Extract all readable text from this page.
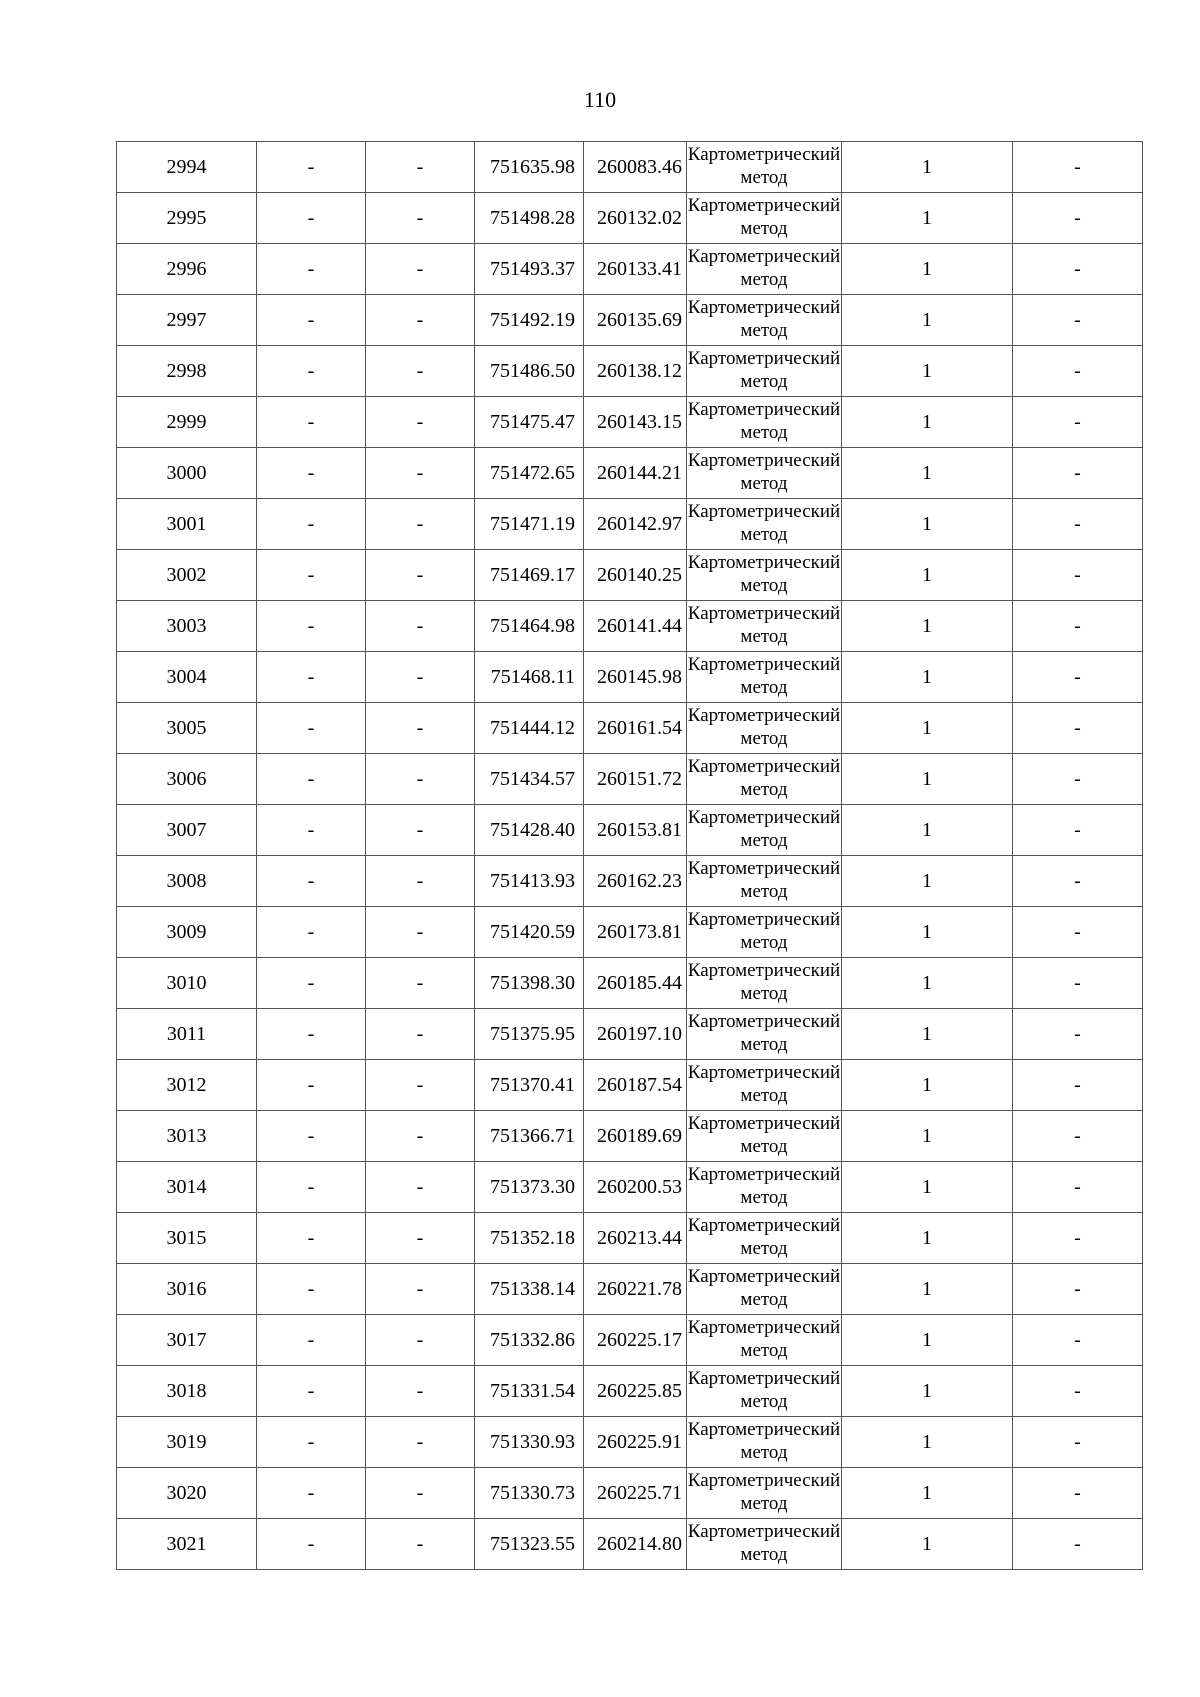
110
2994	-	-	751635.98	260083.46	Картометрический метод	1	-
2995	-	-	751498.28	260132.02	Картометрический метод	1	-
2996	-	-	751493.37	260133.41	Картометрический метод	1	-
2997	-	-	751492.19	260135.69	Картометрический метод	1	-
2998	-	-	751486.50	260138.12	Картометрический метод	1	-
2999	-	-	751475.47	260143.15	Картометрический метод	1	-
3000	-	-	751472.65	260144.21	Картометрический метод	1	-
3001	-	-	751471.19	260142.97	Картометрический метод	1	-
3002	-	-	751469.17	260140.25	Картометрический метод	1	-
3003	-	-	751464.98	260141.44	Картометрический метод	1	-
3004	-	-	751468.11	260145.98	Картометрический метод	1	-
3005	-	-	751444.12	260161.54	Картометрический метод	1	-
3006	-	-	751434.57	260151.72	Картометрический метод	1	-
3007	-	-	751428.40	260153.81	Картометрический метод	1	-
3008	-	-	751413.93	260162.23	Картометрический метод	1	-
3009	-	-	751420.59	260173.81	Картометрический метод	1	-
3010	-	-	751398.30	260185.44	Картометрический метод	1	-
3011	-	-	751375.95	260197.10	Картометрический метод	1	-
3012	-	-	751370.41	260187.54	Картометрический метод	1	-
3013	-	-	751366.71	260189.69	Картометрический метод	1	-
3014	-	-	751373.30	260200.53	Картометрический метод	1	-
3015	-	-	751352.18	260213.44	Картометрический метод	1	-
3016	-	-	751338.14	260221.78	Картометрический метод	1	-
3017	-	-	751332.86	260225.17	Картометрический метод	1	-
3018	-	-	751331.54	260225.85	Картометрический метод	1	-
3019	-	-	751330.93	260225.91	Картометрический метод	1	-
3020	-	-	751330.73	260225.71	Картометрический метод	1	-
3021	-	-	751323.55	260214.80	Картометрический метод	1	-
